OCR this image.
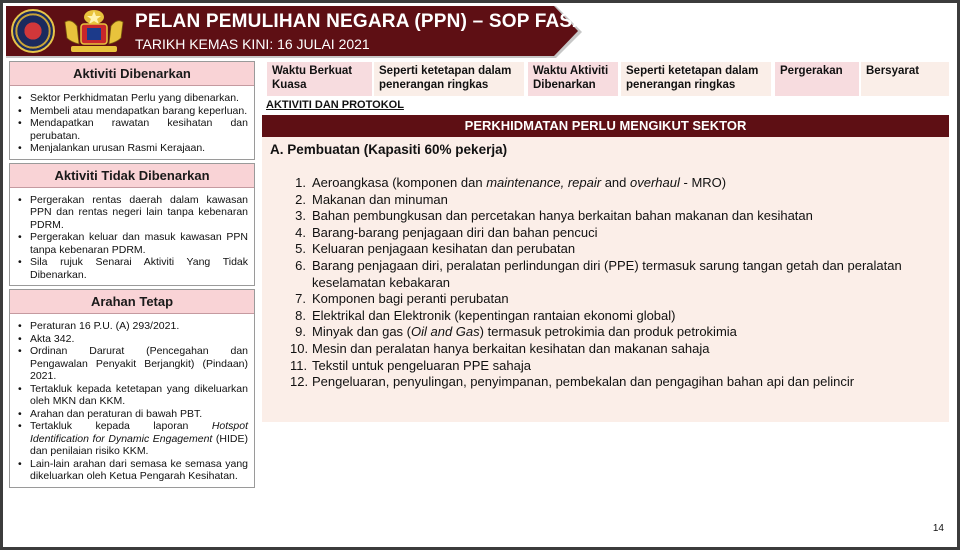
PELAN PEMULIHAN NEGARA (PPN) – SOP FASA 1
TARIKH KEMAS KINI: 16 JULAI 2021
Aktiviti Dibenarkan
• Sektor Perkhidmatan Perlu yang dibenarkan.
• Membeli atau mendapatkan barang keperluan.
• Mendapatkan rawatan kesihatan dan perubatan.
• Menjalankan urusan Rasmi Kerajaan.
Aktiviti Tidak Dibenarkan
• Pergerakan rentas daerah dalam kawasan PPN dan rentas negeri lain tanpa kebenaran PDRM.
• Pergerakan keluar dan masuk kawasan PPN tanpa kebenaran PDRM.
• Sila rujuk Senarai Aktiviti Yang Tidak Dibenarkan.
Arahan Tetap
• Peraturan 16 P.U. (A) 293/2021.
• Akta 342.
• Ordinan Darurat (Pencegahan dan Pengawalan Penyakit Berjangkit) (Pindaan) 2021.
• Tertakluk kepada ketetapan yang dikeluarkan oleh MKN dan KKM.
• Arahan dan peraturan di bawah PBT.
• Tertakluk kepada laporan Hotspot Identification for Dynamic Engagement (HIDE) dan penilaian risiko KKM.
• Lain-lain arahan dari semasa ke semasa yang dikeluarkan oleh Ketua Pengarah Kesihatan.
Waktu Berkuat Kuasa
Seperti ketetapan dalam penerangan ringkas
Waktu Aktiviti Dibenarkan
Seperti ketetapan dalam penerangan ringkas
Pergerakan	Bersyarat
AKTIVITI DAN PROTOKOL
PERKHIDMATAN PERLU MENGIKUT SEKTOR
A. Pembuatan (Kapasiti 60% pekerja)
1. Aeroangkasa (komponen dan maintenance, repair and overhaul - MRO)
2. Makanan dan minuman
3. Bahan pembungkusan dan percetakan hanya berkaitan bahan makanan dan kesihatan
4. Barang-barang penjagaan diri dan bahan pencuci
5. Keluaran penjagaan kesihatan dan perubatan
6. Barang penjagaan diri, peralatan perlindungan diri (PPE) termasuk sarung tangan getah dan peralatan keselamatan kebakaran
7. Komponen bagi peranti perubatan
8. Elektrikal dan Elektronik (kepentingan rantaian ekonomi global)
9. Minyak dan gas (Oil and Gas) termasuk petrokimia dan produk petrokimia
10. Mesin dan peralatan hanya berkaitan kesihatan dan makanan sahaja
11. Tekstil untuk pengeluaran PPE sahaja
12. Pengeluaran, penyulingan, penyimpanan, pembekalan dan pengagihan bahan api dan pelincir
14
